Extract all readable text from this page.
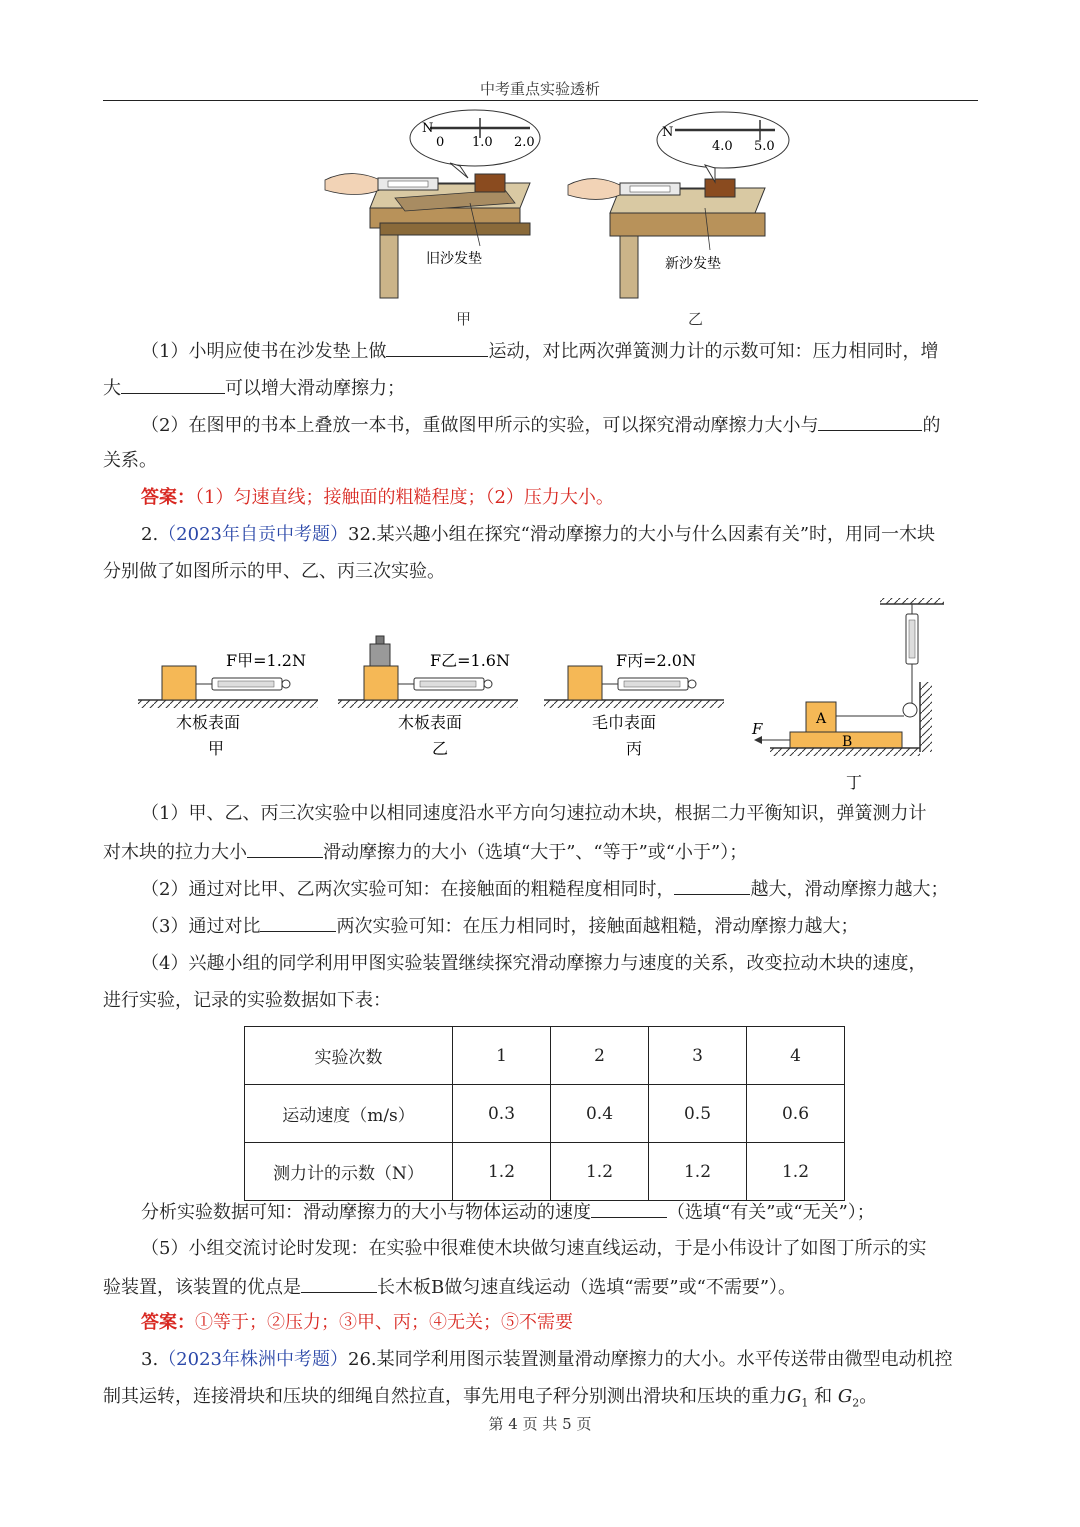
中考重点实验透析
旧沙发垫
N
0 1.0 2.0
新沙发垫
N
4.0 5.0
甲	乙
（1）小明应使书在沙发垫上做	运动，对比两次弹簧测力计的示数可知：压力相同时，增
大	可以增大滑动摩擦力；
（2）在图甲的书本上叠放一本书，重做图甲所示的实验，可以探究滑动摩擦力大小与	的
关系。
答案：（1）匀速直线；接触面的粗糙程度；（2）压力大小。
2.（2023年自贡中考题）32.某兴趣小组在探究“滑动摩擦力的大小与什么因素有关”时，用同一木块
分别做了如图所示的甲、乙、丙三次实验。
F甲=1.2N
木板表面
甲
F乙=1.6N
木板表面
乙
F丙=2.0N
毛巾表面
丙
A
B
F
丁
（1）甲、乙、丙三次实验中以相同速度沿水平方向匀速拉动木块，根据二力平衡知识，弹簧测力计
对木块的拉力大小	滑动摩擦力的大小（选填“大于”、“等于”或“小于”）；
（2）通过对比甲、乙两次实验可知：在接触面的粗糙程度相同时，	越大，滑动摩擦力越大；
（3）通过对比	两次实验可知：在压力相同时，接触面越粗糙，滑动摩擦力越大；
（4）兴趣小组的同学利用甲图实验装置继续探究滑动摩擦力与速度的关系，改变拉动木块的速度，
进行实验，记录的实验数据如下表：
实验次数	1	2	3	4
运动速度（m/s）	0.3	0.4	0.5	0.6
测力计的示数（N）	1.2	1.2	1.2	1.2
分析实验数据可知：滑动摩擦力的大小与物体运动的速度	（选填“有关”或“无关”）；
（5）小组交流讨论时发现：在实验中很难使木块做匀速直线运动，于是小伟设计了如图丁所示的实
验装置，该装置的优点是	长木板B做匀速直线运动（选填“需要”或“不需要”）。
答案：①等于；②压力；③甲、丙；④无关；⑤不需要
3.（2023年株洲中考题）26.某同学利用图示装置测量滑动摩擦力的大小。水平传送带由微型电动机控
制其运转，连接滑块和压块的细绳自然拉直，事先用电子秤分别测出滑块和压块的重力$G_1$ 和 $G_2$。
第 4 页 共 5 页
